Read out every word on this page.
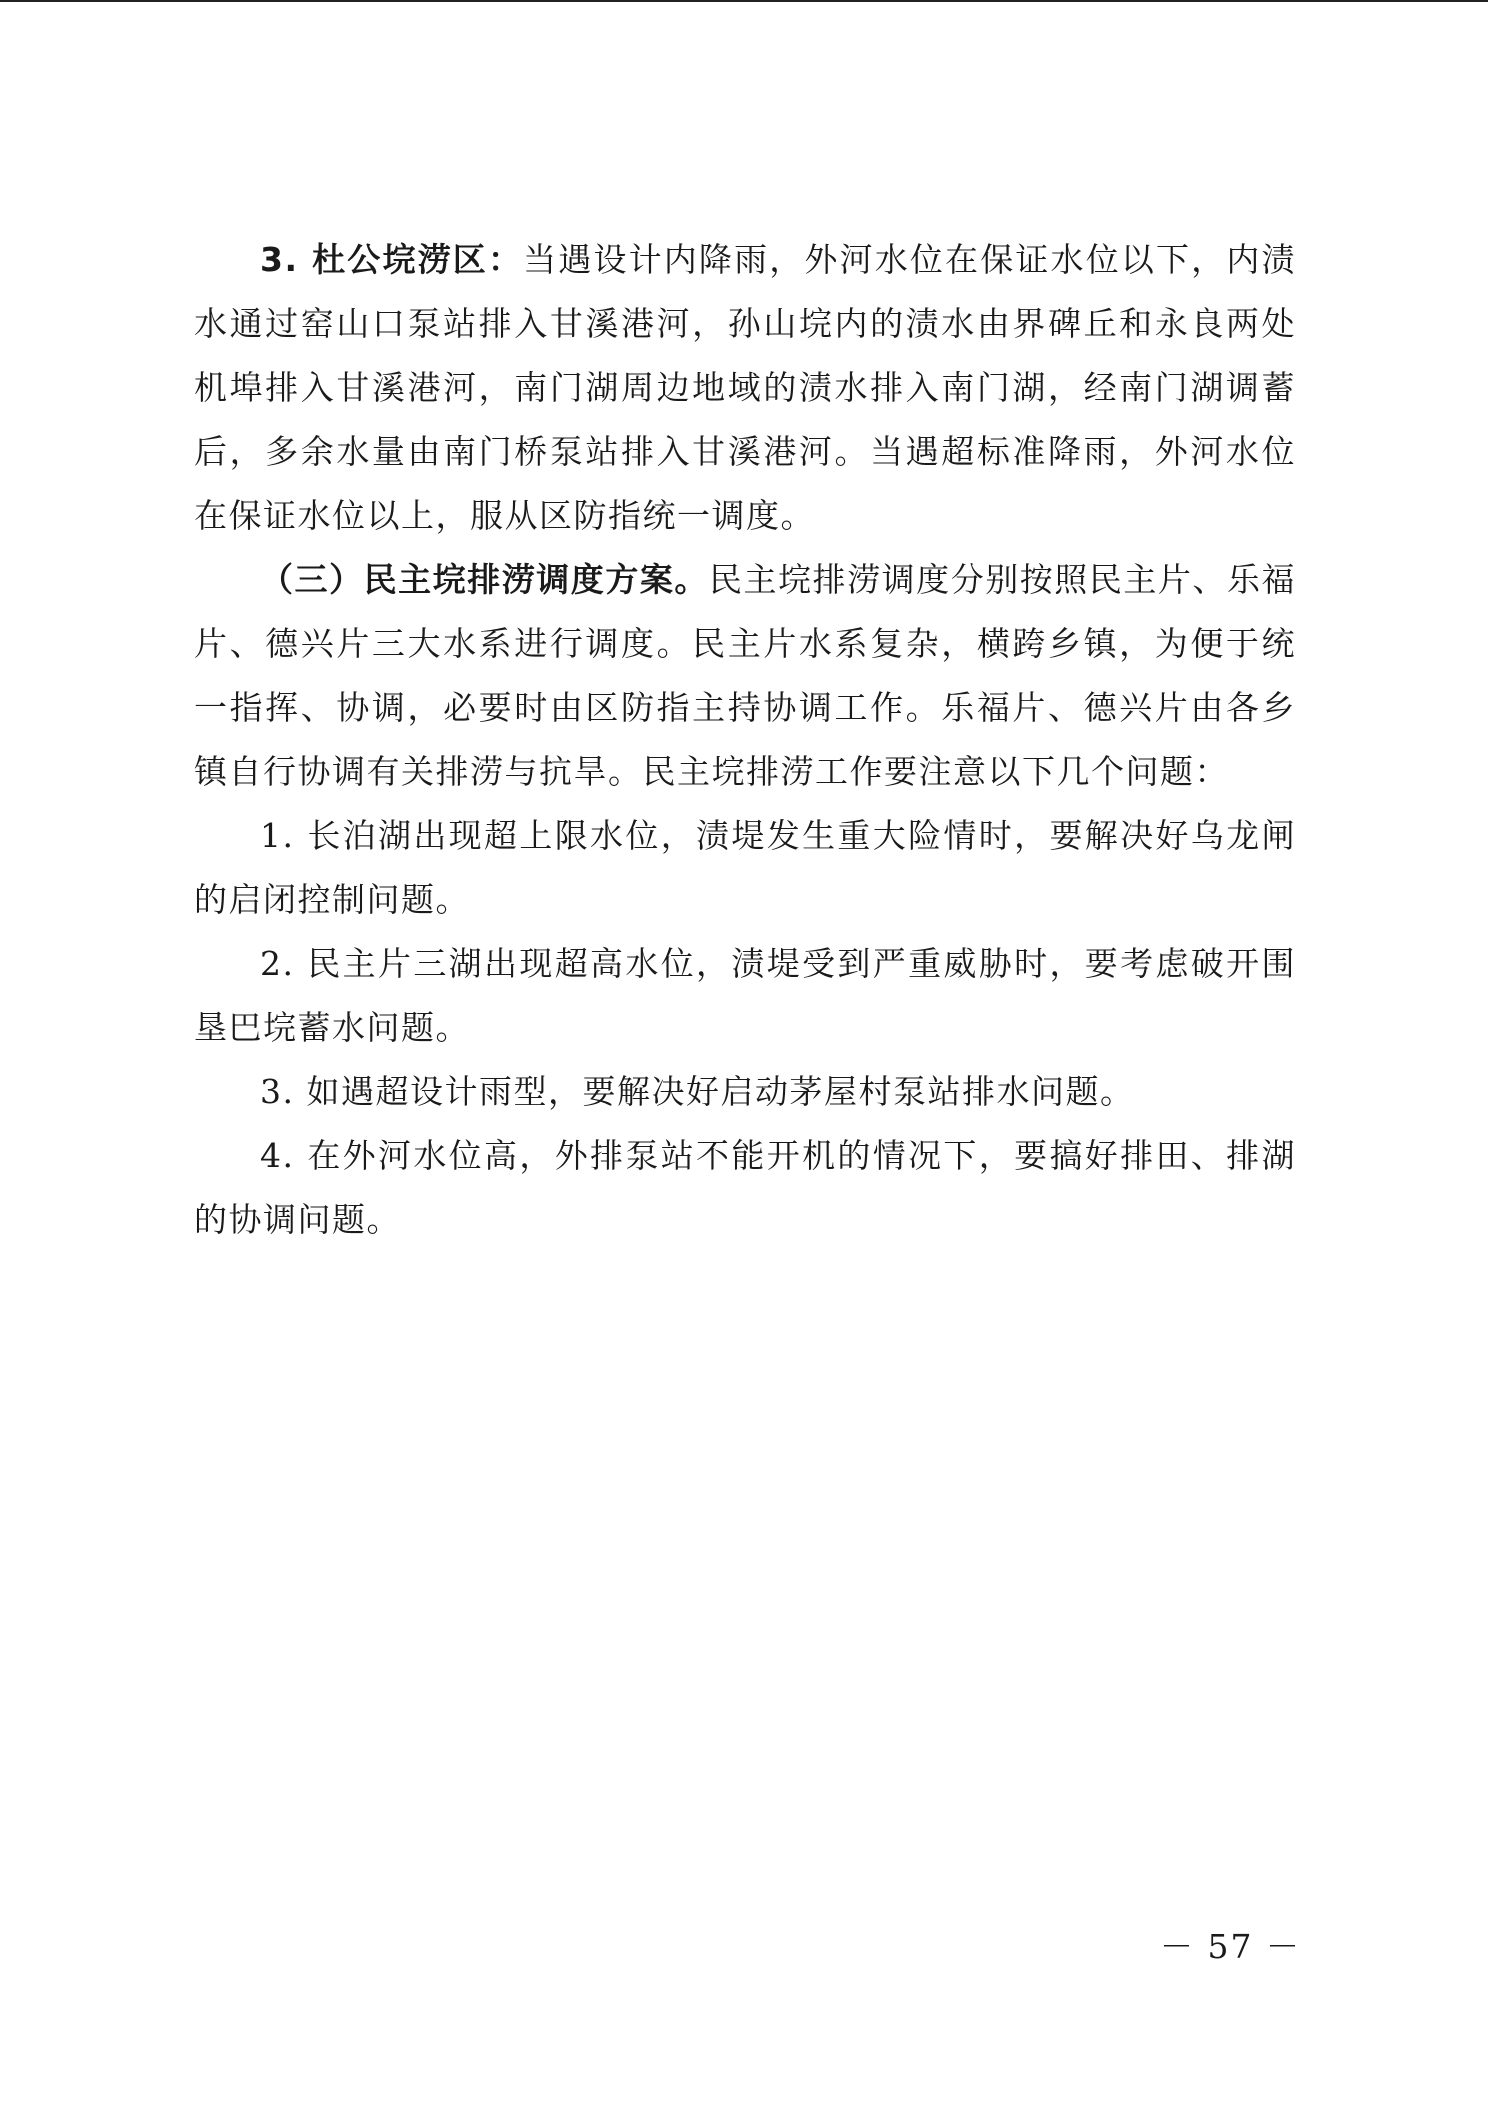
3. 杜公垸涝区：当遇设计内降雨，外河水位在保证水位以下，内渍水通过窑山口泵站排入甘溪港河，孙山垸内的渍水由界碑丘和永良两处机埠排入甘溪港河，南门湖周边地域的渍水排入南门湖，经南门湖调蓄后，多余水量由南门桥泵站排入甘溪港河。当遇超标准降雨，外河水位在保证水位以上，服从区防指统一调度。

（三）民主垸排涝调度方案。民主垸排涝调度分别按照民主片、乐福片、德兴片三大水系进行调度。民主片水系复杂，横跨乡镇，为便于统一指挥、协调，必要时由区防指主持协调工作。乐福片、德兴片由各乡镇自行协调有关排涝与抗旱。民主垸排涝工作要注意以下几个问题：

1. 长泊湖出现超上限水位，渍堤发生重大险情时，要解决好乌龙闸的启闭控制问题。

2. 民主片三湖出现超高水位，渍堤受到严重威胁时，要考虑破开围垦巴垸蓄水问题。

3. 如遇超设计雨型，要解决好启动茅屋村泵站排水问题。

4. 在外河水位高，外排泵站不能开机的情况下，要搞好排田、排湖的协调问题。

－ 57 －
